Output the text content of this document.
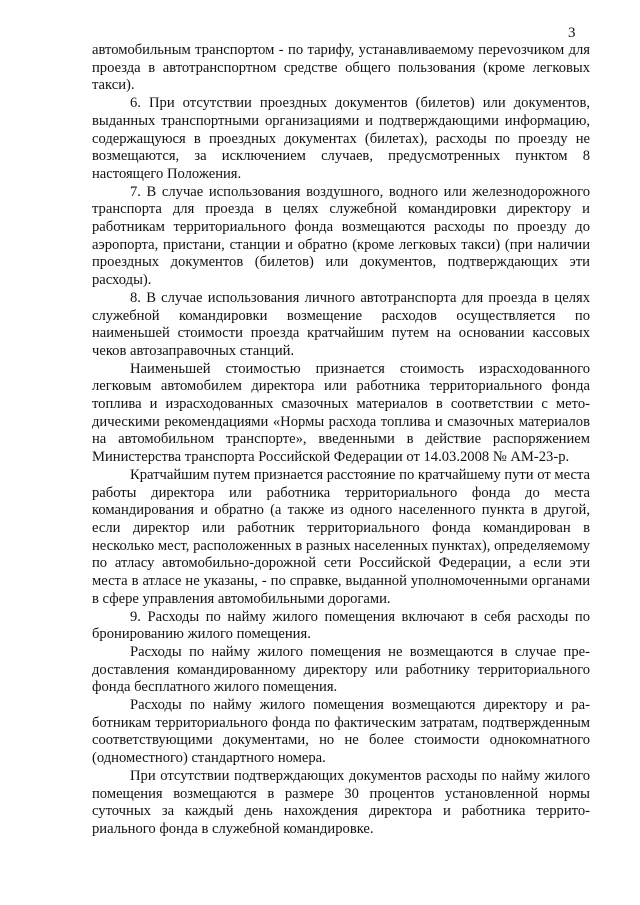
3

автомобильным транспортом - по тарифу, устанавливаемому переvозчиком для проезда в автотранспортном средстве общего пользования (кроме легковых такси).

6. При отсутствии проездных документов (билетов) или документов, выданных транспортными организациями и подтверждающими информацию, содержащуюся в проездных документах (билетах), расходы по проезду не возмещаются, за исключением случаев, предусмотренных пунктом 8 настоящего Положения.

7. В случае использования воздушного, водного или железнодорожного транспорта для проезда в целях служебной командировки директору и работникам территориального фонда возмещаются расходы по проезду до аэропорта, пристани, станции и обратно (кроме легковых такси) (при наличии проездных документов (билетов) или документов, подтверждающих эти расходы).

8. В случае использования личного автотранспорта для проезда в целях служебной командировки возмещение расходов осуществляется по наименьшей стоимости проезда кратчайшим путем на основании кассовых чеков автозаправочных станций.

Наименьшей стоимостью признается стоимость израсходованного легковым автомобилем директора или работника территориального фонда топлива и израсходованных смазочных материалов в соответствии с методическими рекомендациями «Нормы расхода топлива и смазочных материалов на автомобильном транспорте», введенными в действие распоряжением Министерства транспорта Российской Федерации от 14.03.2008 № АМ-23-р.

Кратчайшим путем признается расстояние по кратчайшему пути от места работы директора или работника территориального фонда до места командирования и обратно (а также из одного населенного пункта в другой, если директор или работник территориального фонда командирован в несколько мест, расположенных в разных населенных пунктах), определяемому по атласу автомобильно-дорожной сети Российской Федерации, а если эти места в атласе не указаны, - по справке, выданной уполномоченными органами в сфере управления автомобильными дорогами.

9. Расходы по найму жилого помещения включают в себя расходы по бронированию жилого помещения.

Расходы по найму жилого помещения не возмещаются в случае предоставления командированному директору или работнику территориального фонда бесплатного жилого помещения.

Расходы по найму жилого помещения возмещаются директору и работникам территориального фонда по фактическим затратам, подтвержденным соответствующими документами, но не более стоимости однокомнатного (одноместного) стандартного номера.

При отсутствии подтверждающих документов расходы по найму жилого помещения возмещаются в размере 30 процентов установленной нормы суточных за каждый день нахождения директора и работника территориального фонда в служебной командировке.
